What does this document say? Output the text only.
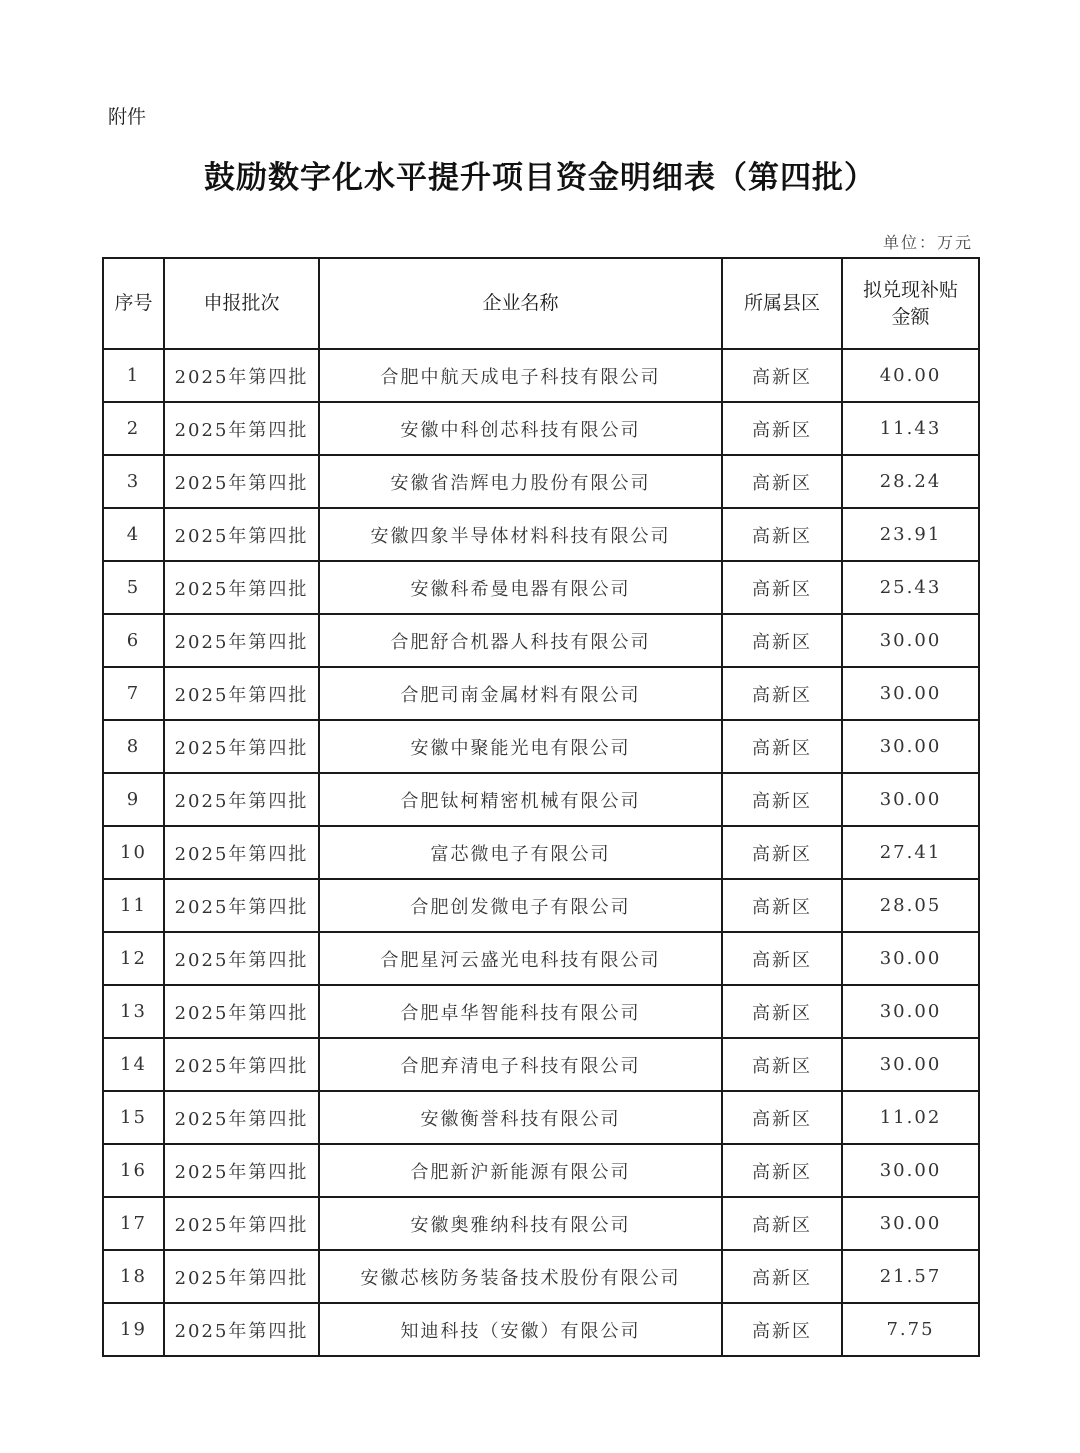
附件
鼓励数字化水平提升项目资金明细表（第四批）
单位：万元
序号	申报批次	企业名称	所属县区	拟兑现补贴金额
1	2025年第四批	合肥中航天成电子科技有限公司	高新区	40.00
2	2025年第四批	安徽中科创芯科技有限公司	高新区	11.43
3	2025年第四批	安徽省浩辉电力股份有限公司	高新区	28.24
4	2025年第四批	安徽四象半导体材料科技有限公司	高新区	23.91
5	2025年第四批	安徽科希曼电器有限公司	高新区	25.43
6	2025年第四批	合肥舒合机器人科技有限公司	高新区	30.00
7	2025年第四批	合肥司南金属材料有限公司	高新区	30.00
8	2025年第四批	安徽中聚能光电有限公司	高新区	30.00
9	2025年第四批	合肥钛柯精密机械有限公司	高新区	30.00
10	2025年第四批	富芯微电子有限公司	高新区	27.41
11	2025年第四批	合肥创发微电子有限公司	高新区	28.05
12	2025年第四批	合肥星河云盛光电科技有限公司	高新区	30.00
13	2025年第四批	合肥卓华智能科技有限公司	高新区	30.00
14	2025年第四批	合肥弃清电子科技有限公司	高新区	30.00
15	2025年第四批	安徽衡誉科技有限公司	高新区	11.02
16	2025年第四批	合肥新沪新能源有限公司	高新区	30.00
17	2025年第四批	安徽奥雅纳科技有限公司	高新区	30.00
18	2025年第四批	安徽芯核防务装备技术股份有限公司	高新区	21.57
19	2025年第四批	知迪科技（安徽）有限公司	高新区	7.75
